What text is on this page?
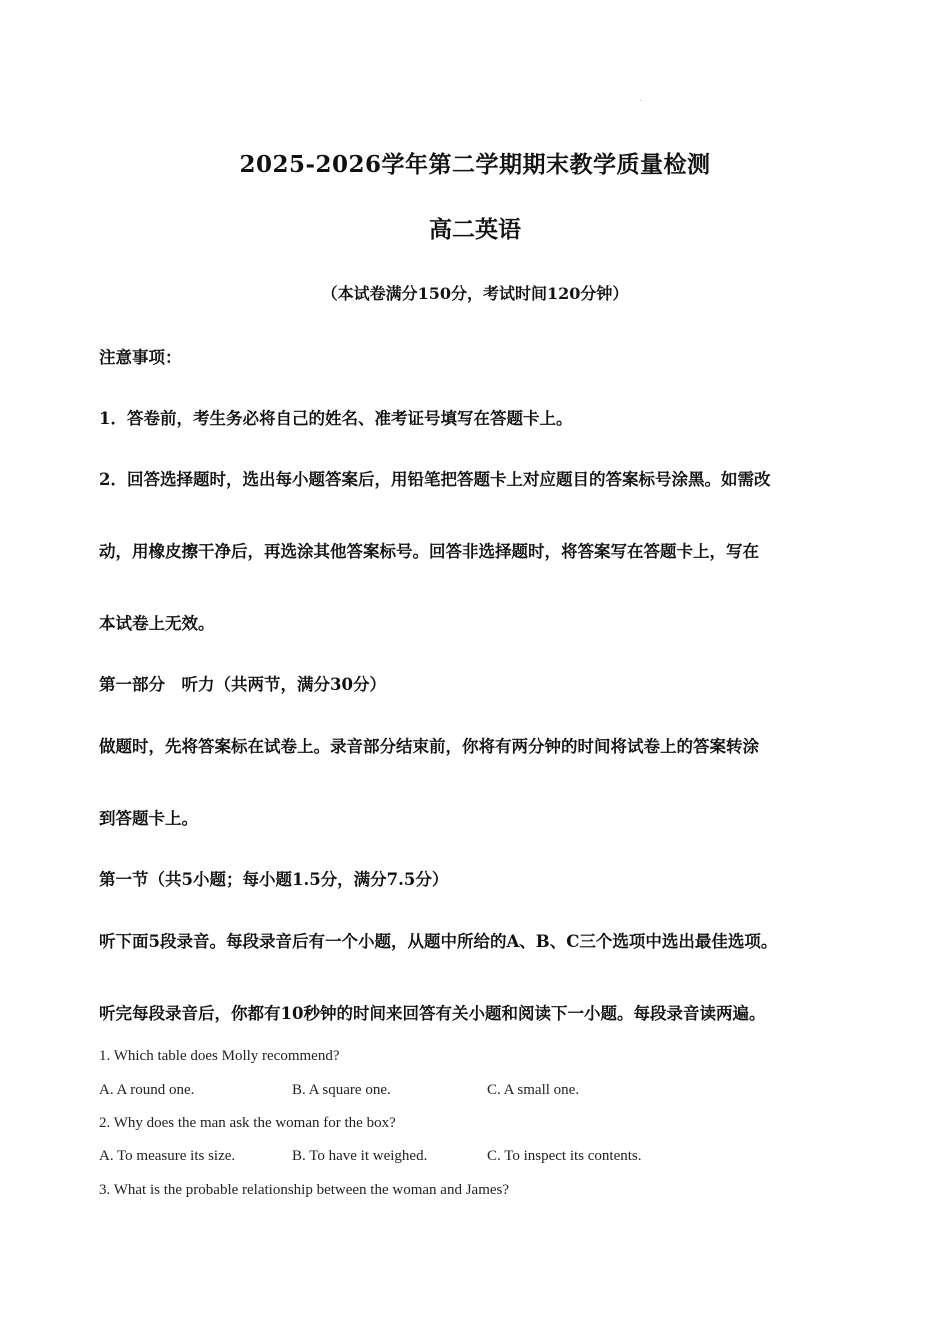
2025-2026学年第二学期期末教学质量检测
高二英语
（本试卷满分150分，考试时间120分钟）
注意事项：
1．答卷前，考生务必将自己的姓名、准考证号填写在答题卡上。
2．回答选择题时，选出每小题答案后，用铅笔把答题卡上对应题目的答案标号涂黑。如需改
动，用橡皮擦干净后，再选涂其他答案标号。回答非选择题时，将答案写在答题卡上，写在
本试卷上无效。
第一部分　听力（共两节，满分30分）
做题时，先将答案标在试卷上。录音部分结束前，你将有两分钟的时间将试卷上的答案转涂
到答题卡上。
第一节（共5小题；每小题1.5分，满分7.5分）
听下面5段录音。每段录音后有一个小题，从题中所给的A、B、C三个选项中选出最佳选项。
听完每段录音后，你都有10秒钟的时间来回答有关小题和阅读下一小题。每段录音读两遍。
1. Which table does Molly recommend?
A. A round one.	B. A square one.	C. A small one.
2. Why does the man ask the woman for the box?
A. To measure its size.	B. To have it weighed.	C. To inspect its contents.
3. What is the probable relationship between the woman and James?
